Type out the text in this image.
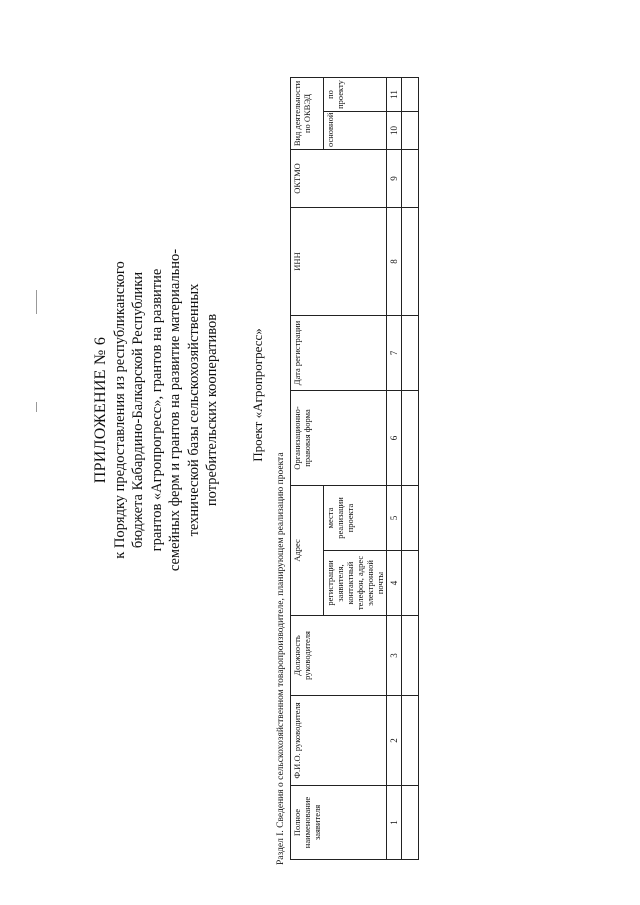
ПРИЛОЖЕНИЕ № 6 к Порядку предоставления из республиканского бюджета Кабардино-Балкарской Республики грантов «Агропрогресс», грантов на развитие семейных ферм и грантов на развитие материально- технической базы сельскохозяйственных потребительских кооперативов Проект «Агропрогресс»
Раздел I. Сведения о сельскохозяйственном товаропроизводителе, планирующем реализацию проекта Полное наименование заявителя	Ф.И.О. руководителя	Должность руководителя	Адрес		Организационно-правовая форма	Дата регистрации	ИНН	ОКТМО	Вид деятельности по ОКВЭД	
			регистрации заявителя, контактный телефон, адрес электронной почты	места реализации проекта					основной	по проекту
1	2	3	4	5	6	7	8	9	10	11
